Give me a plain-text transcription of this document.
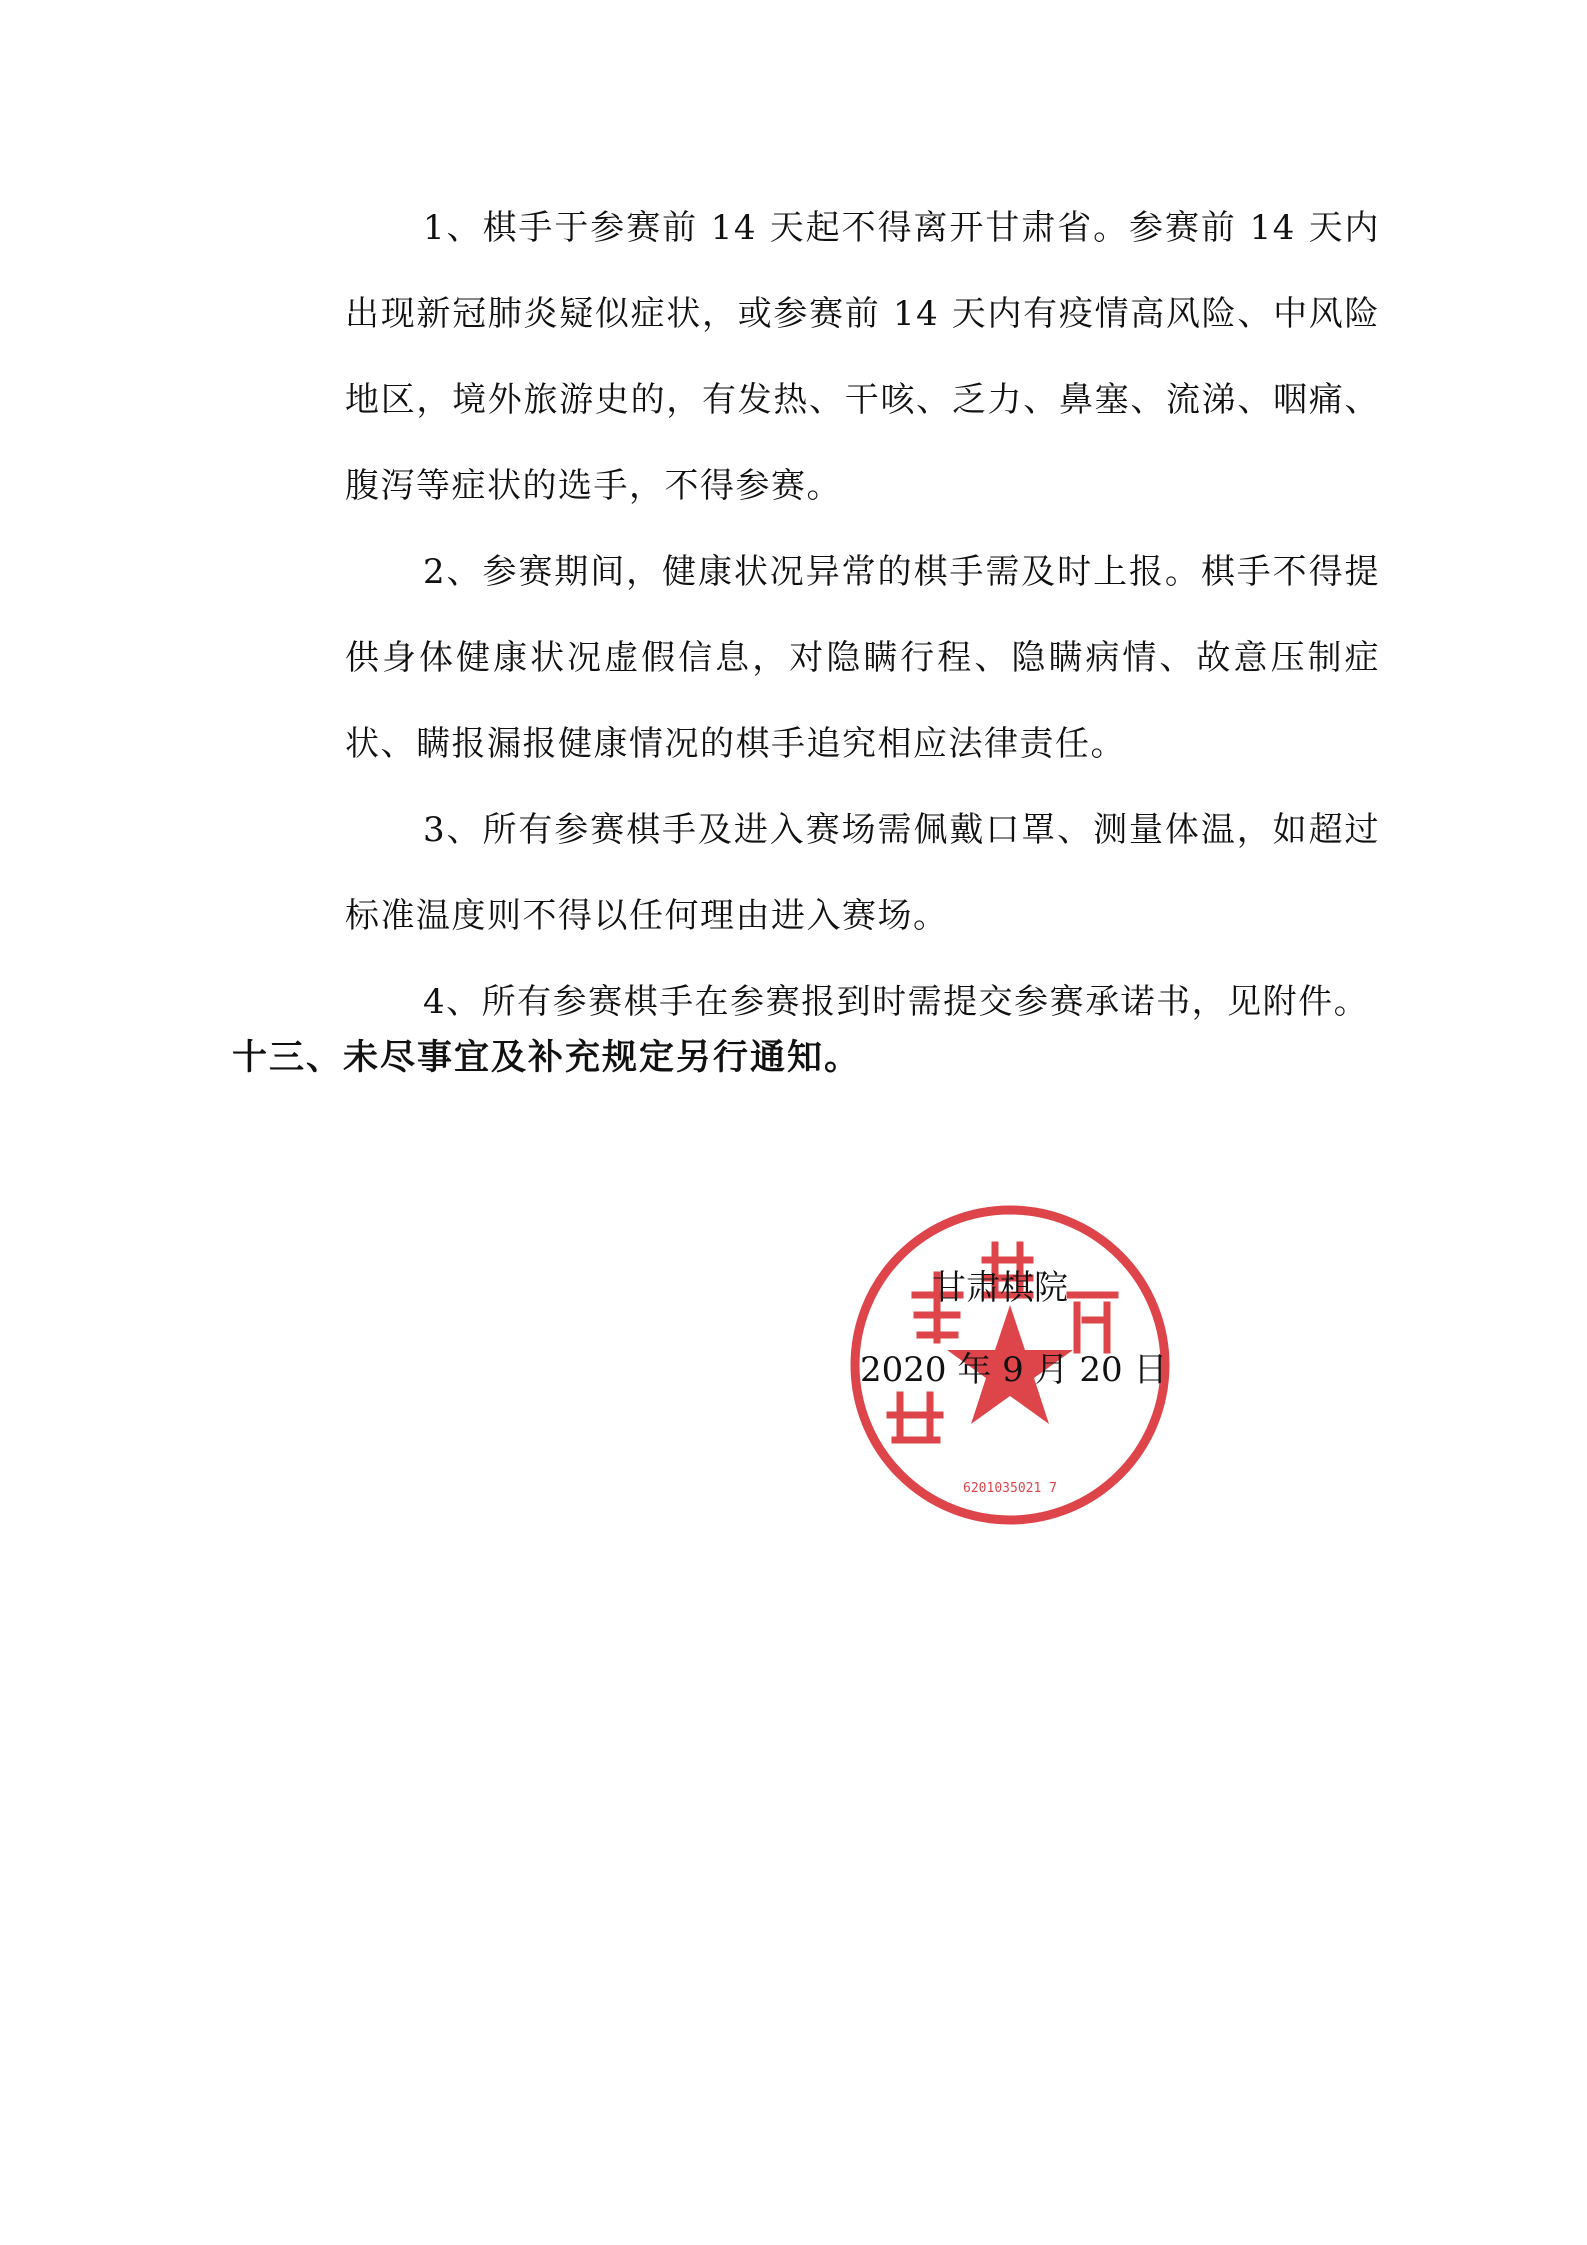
1、棋手于参赛前 14 天起不得离开甘肃省。参赛前 14 天内出现新冠肺炎疑似症状，或参赛前 14 天内有疫情高风险、中风险地区，境外旅游史的，有发热、干咳、乏力、鼻塞、流涕、咽痛、腹泻等症状的选手，不得参赛。

2、参赛期间，健康状况异常的棋手需及时上报。棋手不得提供身体健康状况虚假信息，对隐瞒行程、隐瞒病情、故意压制症状、瞒报漏报健康情况的棋手追究相应法律责任。

3、所有参赛棋手及进入赛场需佩戴口罩、测量体温，如超过标准温度则不得以任何理由进入赛场。

4、所有参赛棋手在参赛报到时需提交参赛承诺书，见附件。

十三、未尽事宜及补充规定另行通知。
6201035021 7
甘肃棋院
2020 年 9 月 20 日
